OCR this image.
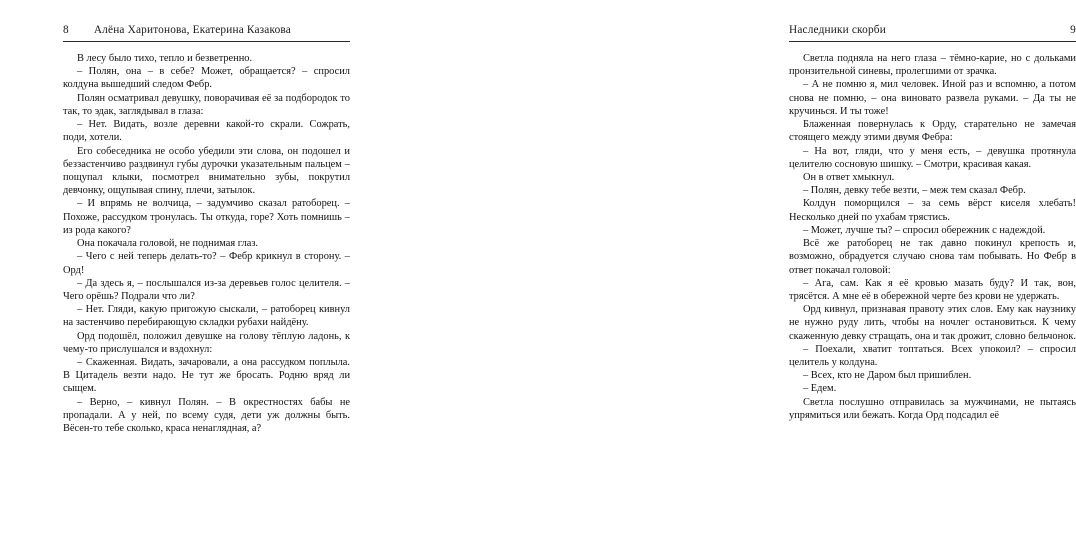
8 Алёна Харитонова, Екатерина Казакова

В лесу было тихо, тепло и безветренно.

– Полян, она – в себе? Может, обращается? – спросил колдуна вышедший следом Фебр.

Полян осматривал девушку, поворачивая её за подбородок то так, то эдак, заглядывал в глаза:

– Нет. Видать, возле деревни какой-то скрали. Сожрать, поди, хотели.

Его собеседника не особо убедили эти слова, он подошел и беззастенчиво раздвинул губы дурочки указательным пальцем – пощупал клыки, посмотрел внимательно зубы, покрутил девчонку, ощупывая спину, плечи, затылок.

– И впрямь не волчица, – задумчиво сказал ратоборец. – Похоже, рассудком тронулась. Ты откуда, горе? Хоть помнишь – из рода какого?

Она покачала головой, не поднимая глаз.

– Чего с ней теперь делать-то? – Фебр крикнул в сторону. – Орд!

– Да здесь я, – послышался из-за деревьев голос целителя. – Чего орёшь? Подрали что ли?

– Нет. Гляди, какую пригожую сыскали, – ратоборец кивнул на застенчиво перебирающую складки рубахи найдёну.

Орд подошёл, положил девушке на голову тёплую ладонь, к чему-то прислушался и вздохнул:

– Скаженная. Видать, зачаровали, а она рассудком поплыла. В Цитадель везти надо. Не тут же бросать. Родню вряд ли сыщем.

– Верно, – кивнул Полян. – В окрестностях бабы не пропадали. А у ней, по всему судя, дети уж должны быть. Вёсен-то тебе сколько, краса ненаглядная, а?

Наследники скорби	9

Светла подняла на него глаза – тёмно-карие, но с дольками пронзительной синевы, пролегшими от зрачка.

– А не помню я, мил человек. Иной раз и вспомню, а потом снова не помню, – она виновато развела руками. – Да ты не кручинься. И ты тоже!

Блаженная повернулась к Орду, старательно не замечая стоящего между этими двумя Фебра:

– На вот, гляди, что у меня есть, – девушка протянула целителю сосновую шишку. – Смотри, красивая какая.

Он в ответ хмыкнул.

– Полян, девку тебе везти, – меж тем сказал Фебр.

Колдун поморщился – за семь вёрст киселя хлебать! Несколько дней по ухабам трястись.

– Может, лучше ты? – спросил обережник с надеждой.

Всё же ратоборец не так давно покинул крепость и, возможно, обрадуется случаю снова там побывать. Но Фебр в ответ покачал головой:

– Ага, сам. Как я её кровью мазать буду? И так, вон, трясётся. А мне её в обережной черте без крови не удержать.

Орд кивнул, признавая правоту этих слов. Ему как наузнику не нужно руду лить, чтобы на ночлег остановиться. К чему скаженную девку стращать, она и так дрожит, словно бельчонок.

– Поехали, хватит топтаться. Всех упокоил? – спросил целитель у колдуна.

– Всех, кто не Даром был пришиблен.

– Едем.

Светла послушно отправилась за мужчинами, не пытаясь упрямиться или бежать. Когда Орд подсадил её
